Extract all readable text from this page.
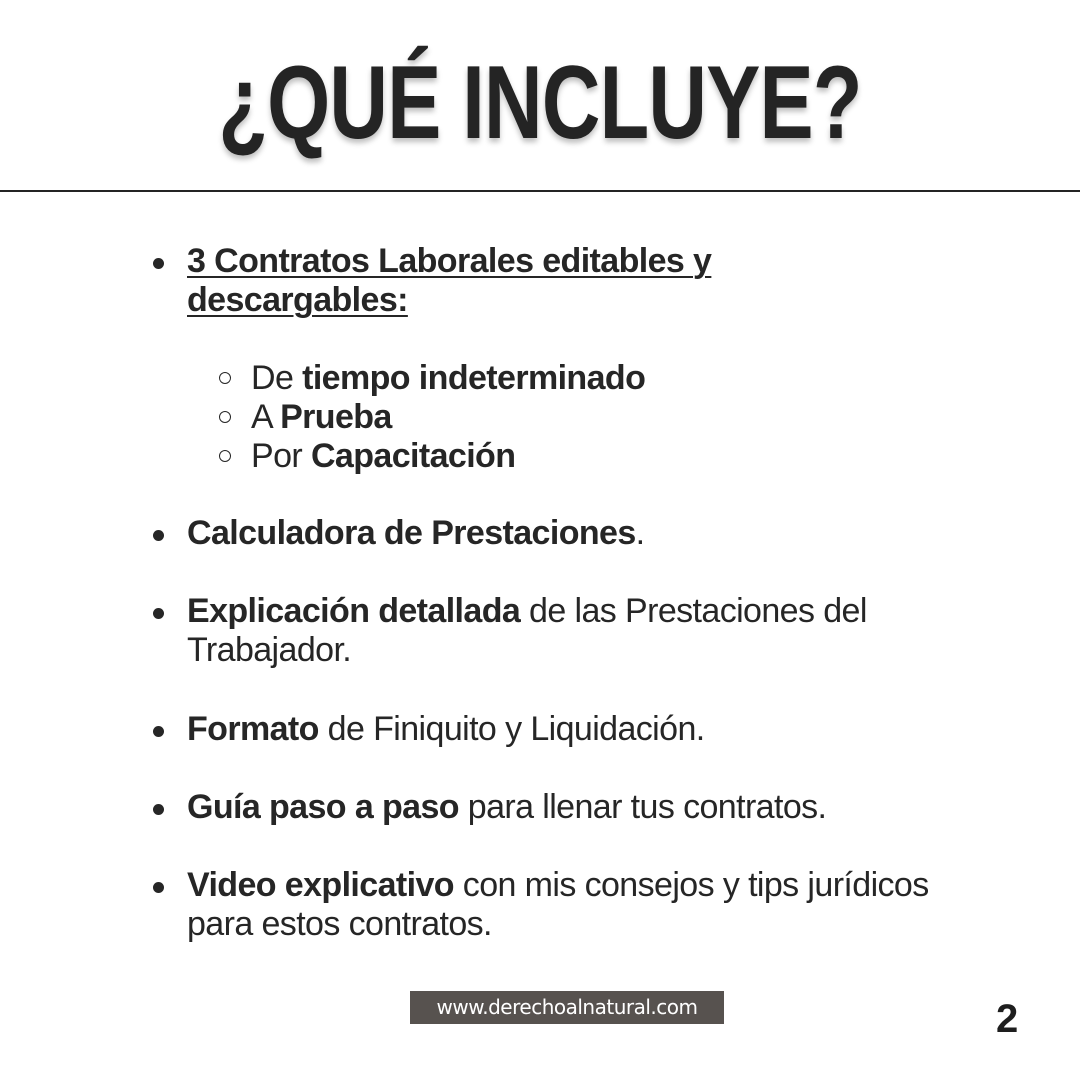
¿QUÉ INCLUYE?
3 Contratos Laborales editables y descargables:
De tiempo indeterminado
A Prueba
Por Capacitación
Calculadora de Prestaciones.
Explicación detallada de las Prestaciones del Trabajador.
Formato de Finiquito y Liquidación.
Guía paso a paso para llenar tus contratos.
Video explicativo con mis consejos y tips jurídicos para estos contratos.
www.derechoalnatural.com	2
